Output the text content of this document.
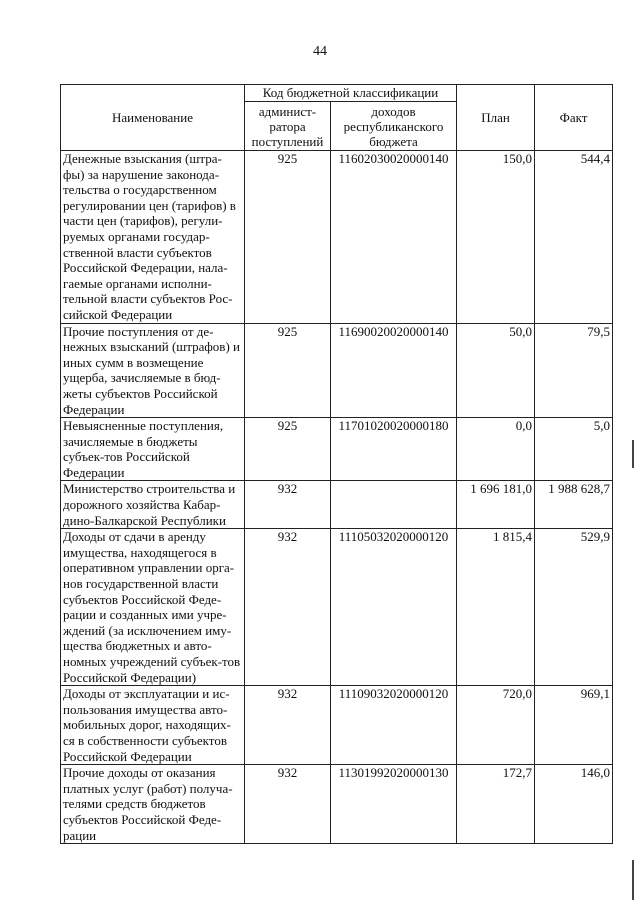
44
Наименование	Код бюджетной классификации		План	Факт
	админист-ратора поступлений	доходов республиканского бюджета		
Денежные взыскания (штра-фы) за нарушение законода-тельства о государственном регулировании цен (тарифов) в части цен (тарифов), регули-руемых органами государ-ственной власти субъектов Российской Федерации, нала-гаемые органами исполни-тельной власти субъектов Рос-сийской Федерации	925	11602030020000140	150,0	544,4
Прочие поступления от де-нежных взысканий (штрафов) и иных сумм в возмещение ущерба, зачисляемые в бюд-жеты субъектов Российской Федерации	925	11690020020000140	50,0	79,5
Невыясненные поступления, зачисляемые в бюджеты субъек-тов Российской Федерации	925	11701020020000180	0,0	5,0
Министерство строительства и дорожного хозяйства Кабар-дино-Балкарской Республики	932		1 696 181,0	1 988 628,7
Доходы от сдачи в аренду имущества, находящегося в оперативном управлении орга-нов государственной власти субъектов Российской Феде-рации и созданных ими учре-ждений (за исключением иму-щества бюджетных и авто-номных учреждений субъек-тов Российской Федерации)	932	11105032020000120	1 815,4	529,9
Доходы от эксплуатации и ис-пользования имущества авто-мобильных дорог, находящих-ся в собственности субъектов Российской Федерации	932	11109032020000120	720,0	969,1
Прочие доходы от оказания платных услуг (работ) получа-телями средств бюджетов субъектов Российской Феде-рации	932	11301992020000130	172,7	146,0
